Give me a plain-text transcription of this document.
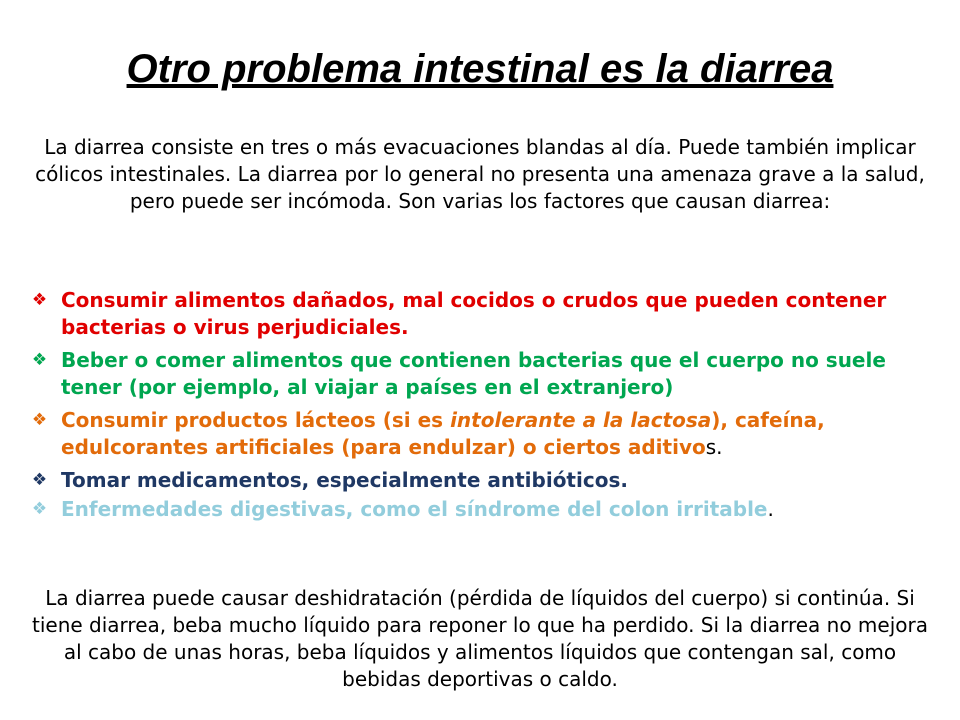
Otro problema intestinal es la diarrea

La diarrea consiste en tres o más evacuaciones blandas al día. Puede también implicar cólicos intestinales. La diarrea por lo general no presenta una amenaza grave a la salud, pero puede ser incómoda. Son varias los factores que causan diarrea:

❖ Consumir alimentos dañados, mal cocidos o crudos que pueden contener bacterias o virus perjudiciales.
❖ Beber o comer alimentos que contienen bacterias que el cuerpo no suele tener (por ejemplo, al viajar a países en el extranjero)
❖ Consumir productos lácteos (si es intolerante a la lactosa), cafeína, edulcorantes artificiales (para endulzar) o ciertos aditivos.
❖ Tomar medicamentos, especialmente antibióticos.
❖ Enfermedades digestivas, como el síndrome del colon irritable.

La diarrea puede causar deshidratación (pérdida de líquidos del cuerpo) si continúa. Si tiene diarrea, beba mucho líquido para reponer lo que ha perdido. Si la diarrea no mejora al cabo de unas horas, beba líquidos y alimentos líquidos que contengan sal, como bebidas deportivas o caldo.
